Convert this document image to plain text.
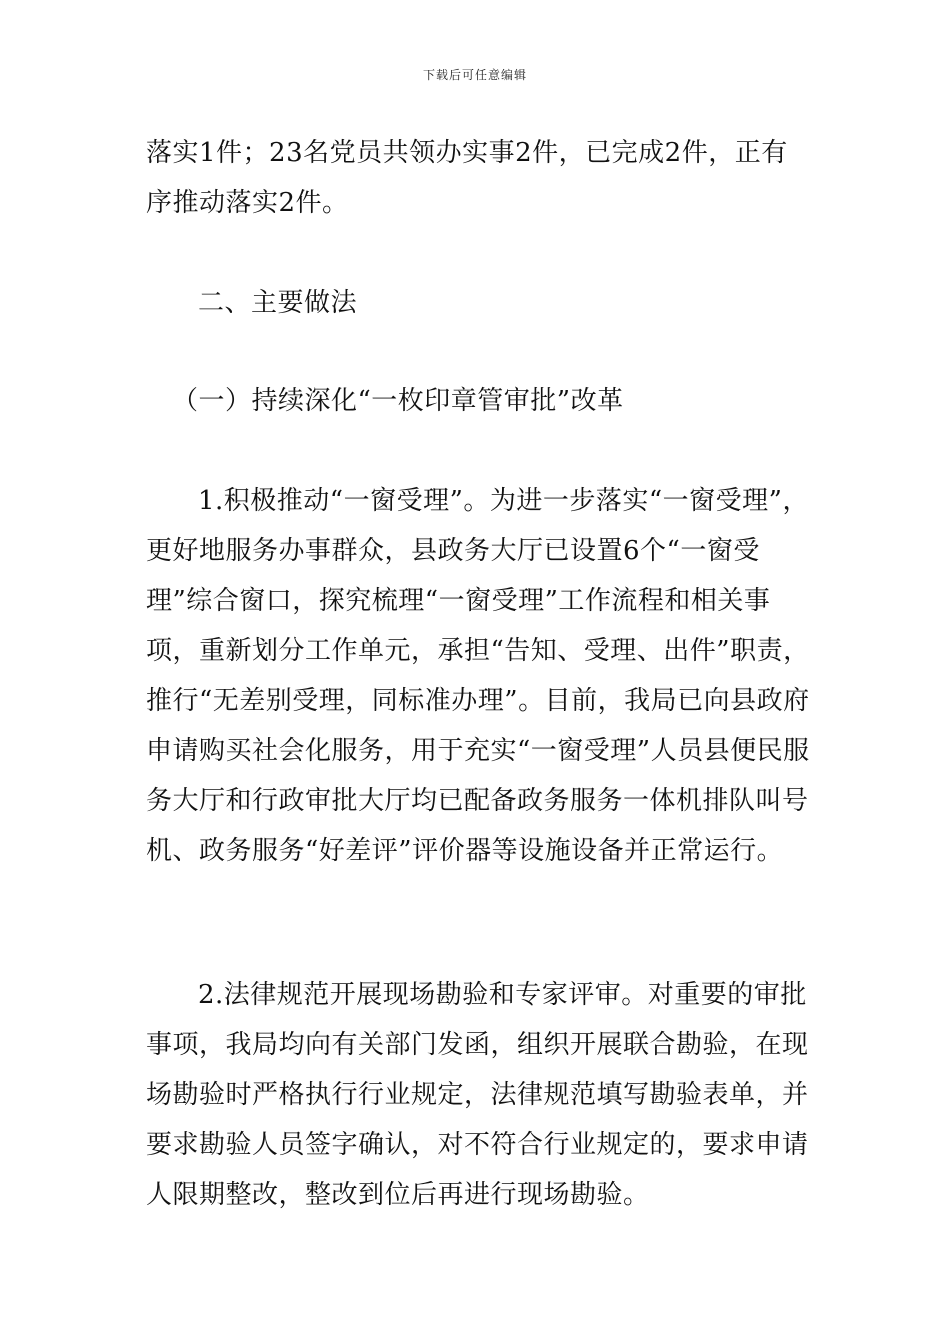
下载后可任意编辑

落实1件；23名党员共领办实事2件，已完成2件，正有序推动落实2件。

二、主要做法

（一）持续深化“一枚印章管审批”改革

1.积极推动“一窗受理”。为进一步落实“一窗受理”，更好地服务办事群众，县政务大厅已设置6个“一窗受理”综合窗口，探究梳理“一窗受理”工作流程和相关事项，重新划分工作单元，承担“告知、受理、出件”职责，推行“无差别受理，同标准办理”。目前，我局已向县政府申请购买社会化服务，用于充实“一窗受理”人员县便民服务大厅和行政审批大厅均已配备政务服务一体机排队叫号机、政务服务“好差评”评价器等设施设备并正常运行。

2.法律规范开展现场勘验和专家评审。对重要的审批事项，我局均向有关部门发函，组织开展联合勘验，在现场勘验时严格执行行业规定，法律规范填写勘验表单，并要求勘验人员签字确认，对不符合行业规定的，要求申请人限期整改，整改到位后再进行现场勘验。
